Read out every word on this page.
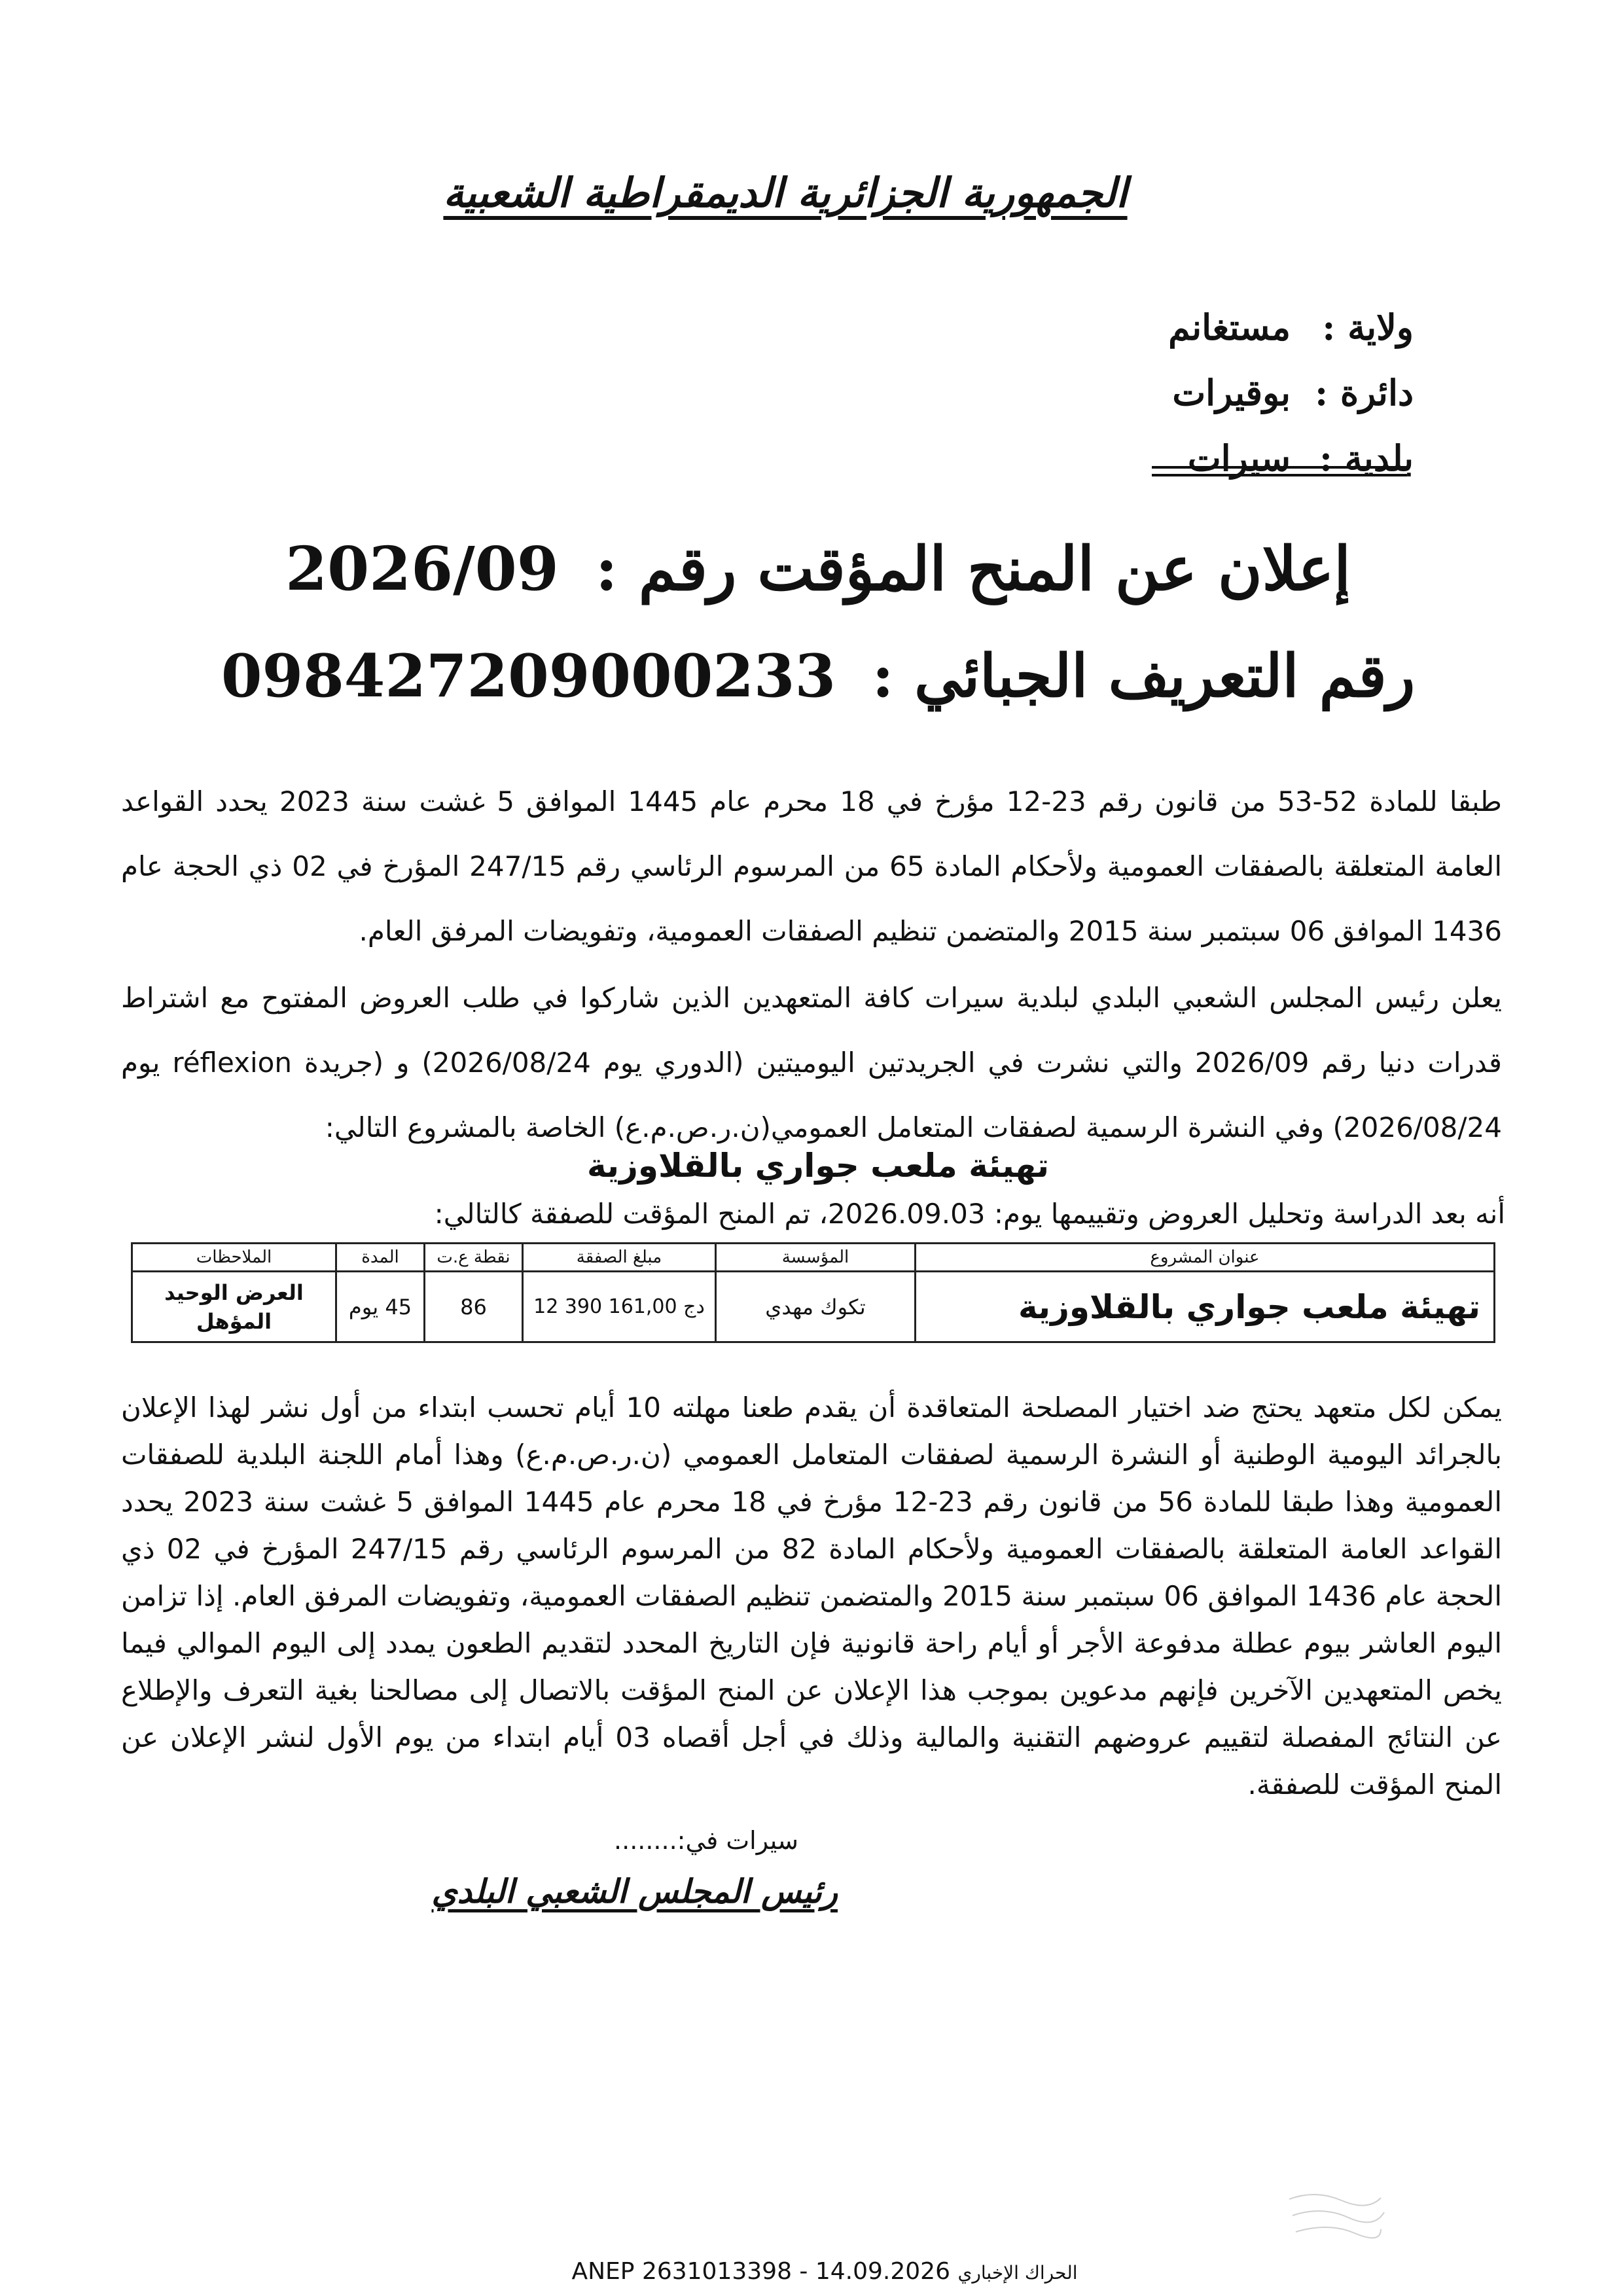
الجمهورية الجزائرية الديمقراطية الشعبية
ولاية :
مستغانم
دائرة :
بوقيرات
بلدية :
سيرات
إعلان عن المنح المؤقت رقم : 2026/09
رقم التعريف الجبائي : 098427209000233
طبقا للمادة 52-53 من قانون رقم 23-12 مؤرخ في 18 محرم عام 1445 الموافق 5 غشت سنة 2023 يحدد القواعد العامة المتعلقة بالصفقات العمومية ولأحكام المادة 65 من المرسوم الرئاسي رقم 247/15 المؤرخ في 02 ذي الحجة عام 1436 الموافق 06 سبتمبر سنة 2015 والمتضمن تنظيم الصفقات العمومية، وتفويضات المرفق العام.
يعلن رئيس المجلس الشعبي البلدي لبلدية سيرات كافة المتعهدين الذين شاركوا في طلب العروض المفتوح مع اشتراط قدرات دنيا رقم 2026/09 والتي نشرت في الجريدتين اليوميتين (الدوري يوم 2026/08/24) و (جريدة réflexion يوم 2026/08/24) وفي النشرة الرسمية لصفقات المتعامل العمومي(ن.ر.ص.م.ع) الخاصة بالمشروع التالي:
تهيئة ملعب جواري بالقلاوزية
أنه بعد الدراسة وتحليل العروض وتقييمها يوم: 2026.09.03، تم المنح المؤقت للصفقة كالتالي:
عنوان المشروع	المؤسسة	مبلغ الصفقة	نقطة ع.ت	المدة	الملاحظات
تهيئة ملعب جواري بالقلاوزية	تكوك مهدي	12 390 161,00 دج	86	45 يوم	العرض الوحيد المؤهل
يمكن لكل متعهد يحتج ضد اختيار المصلحة المتعاقدة أن يقدم طعنا مهلته 10 أيام تحسب ابتداء من أول نشر لهذا الإعلان بالجرائد اليومية الوطنية أو النشرة الرسمية لصفقات المتعامل العمومي (ن.ر.ص.م.ع) وهذا أمام اللجنة البلدية للصفقات العمومية وهذا طبقا للمادة 56 من قانون رقم 23-12 مؤرخ في 18 محرم عام 1445 الموافق 5 غشت سنة 2023 يحدد القواعد العامة المتعلقة بالصفقات العمومية ولأحكام المادة 82 من المرسوم الرئاسي رقم 247/15 المؤرخ في 02 ذي الحجة عام 1436 الموافق 06 سبتمبر سنة 2015 والمتضمن تنظيم الصفقات العمومية، وتفويضات المرفق العام. إذا تزامن اليوم العاشر بيوم عطلة مدفوعة الأجر أو أيام راحة قانونية فإن التاريخ المحدد لتقديم الطعون يمدد إلى اليوم الموالي فيما يخص المتعهدين الآخرين فإنهم مدعوين بموجب هذا الإعلان عن المنح المؤقت بالاتصال إلى مصالحنا بغية التعرف والإطلاع عن النتائج المفصلة لتقييم عروضهم التقنية والمالية وذلك في أجل أقصاه 03 أيام ابتداء من يوم الأول لنشر الإعلان عن المنح المؤقت للصفقة.
سيرات في:........
رئيس المجلس الشعبي البلدي
ANEP 2631013398 - 14.09.2026 الحراك الإخباري
